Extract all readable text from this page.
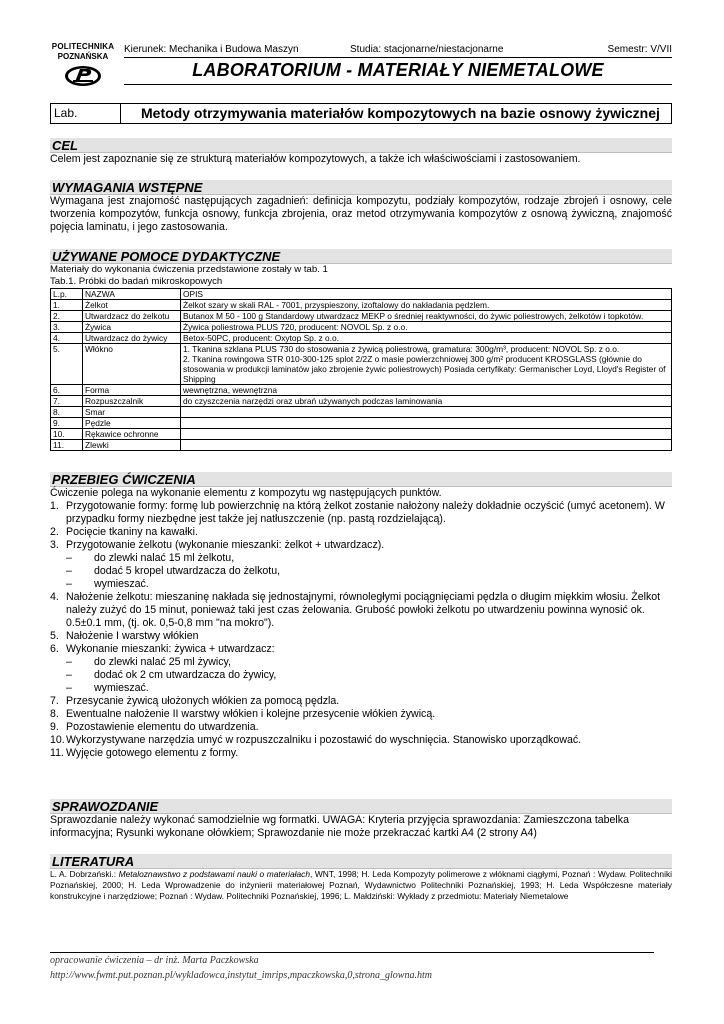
POLITECHNIKA
POZNAŃSKA
Kierunek: Mechanika i Budowa Maszyn	Studia: stacjonarne/niestacjonarne	Semestr: V/VII
LABORATORIUM - MATERIAŁY NIEMETALOWE
Lab.	Metody otrzymywania materiałów kompozytowych na bazie osnowy żywicznej
CEL
Celem jest zapoznanie się ze strukturą materiałów kompozytowych, a także ich właściwościami i zastosowaniem.
WYMAGANIA WSTĘPNE
Wymagana jest znajomość następujących zagadnień: definicja kompozytu, podziały kompozytów, rodzaje zbrojeń i osnowy, cele tworzenia kompozytów, funkcja osnowy, funkcja zbrojenia, oraz metod otrzymywania kompozytów z osnową żywiczną, znajomość pojęcia laminatu, i jego zastosowania.
UŻYWANE POMOCE DYDAKTYCZNE
Materiały do wykonania ćwiczenia przedstawione zostały w tab. 1
Tab.1. Próbki do badań mikroskopowych
L.p.	NAZWA	OPIS
1.	Żelkot	Żelkot szary w skali RAL - 7001, przyspieszony, izoftalowy do nakładania pędzlem.
2.	Utwardzacz do żelkotu	Butanox M 50 - 100 g Standardowy utwardzacz MEKP o średniej reaktywności, do żywic poliestrowych, żelkotów i topkotów.
3.	Żywica	Żywica poliestrowa PLUS 720, producent: NOVOL Sp. z o.o.
4.	Utwardzacz do żywicy	Betox-50PC, producent: Oxytop Sp. z o.o.
5.	Włókno	1. Tkanina szklana PLUS 730 do stosowania z żywicą poliestrową, gramatura: 300g/m³, producent: NOVOL Sp. z o.o.
2. Tkanina rowingowa STR 010-300-125 splot 2/2Z o masie powierzchniowej 300 g/m² producent KROSGLASS (głównie do stosowania w produkcji laminatów jako zbrojenie żywic poliestrowych) Posiada certyfikaty: Germanischer Loyd, Lloyd's Register of Shipping
6.	Forma	wewnętrzna, wewnętrzna
7.	Rozpuszczalnik	do czyszczenia narzędzi oraz ubrań używanych podczas laminowania
8.	Smar	
9.	Pędzle	
10.	Rękawice ochronne	
11.	Zlewki	
PRZEBIEG ĆWICZENIA
Ćwiczenie polega na wykonanie elementu z kompozytu wg następujących punktów.
1. Przygotowanie formy: formę lub powierzchnię na którą żelkot zostanie nałożony należy dokładnie oczyścić (umyć acetonem). W przypadku formy niezbędne jest także jej natłuszczenie (np. pastą rozdzielającą).
2. Pocięcie tkaniny na kawałki.
3. Przygotowanie żelkotu (wykonanie mieszanki: żelkot + utwardzacz).
–	do zlewki nalać 15 ml żelkotu,
–	dodać 5 kropel utwardzacza do żelkotu,
–	wymieszać.
4. Nałożenie żelkotu: mieszaninę nakłada się jednostajnymi, równoległymi pociągnięciami pędzla o długim miękkim włosiu. Żelkot należy zużyć do 15 minut, ponieważ taki jest czas żelowania. Grubość powłoki żelkotu po utwardzeniu powinna wynosić ok. 0.5±0.1 mm, (tj. ok. 0,5-0,8 mm "na mokro").
5. Nałożenie I warstwy włókien
6. Wykonanie mieszanki: żywica + utwardzacz:
–	do zlewki nalać 25 ml żywicy,
–	dodać ok 2 cm utwardzacza do żywicy,
–	wymieszać.
7. Przesycanie żywicą ułożonych włókien za pomocą pędzla.
8. Ewentualne nałożenie II warstwy włókien i kolejne przesycenie włókien żywicą.
9. Pozostawienie elementu do utwardzenia.
10. Wykorzystywane narzędzia umyć w rozpuszczalniku i pozostawić do wyschnięcia. Stanowisko uporządkować.
11. Wyjęcie gotowego elementu z formy.
SPRAWOZDANIE
Sprawozdanie należy wykonać samodzielnie wg formatki. UWAGA: Kryteria przyjęcia sprawozdania: Zamieszczona tabelka informacyjna; Rysunki wykonane ołówkiem; Sprawozdanie nie może przekraczać kartki A4 (2 strony A4)
LITERATURA
L. A. Dobrzański.: Metaloznawstwo z podstawami nauki o materiałach, WNT, 1998; H. Leda Kompozyty polimerowe z włóknami ciągłymi, Poznań : Wydaw. Politechniki Poznańskiej, 2000; H. Leda Wprowadzenie do inżynierii materiałowej Poznań, Wydawnictwo Politechniki Poznańskiej, 1993; H. Leda Współczesne materiały konstrukcyjne i narzędziowe; Poznań : Wydaw. Politechniki Poznańskiej, 1996; L. Małdziński: Wykłady z przedmiotu: Materiały Niemetalowe
opracowanie ćwiczenia – dr inż. Marta Paczkowska
http://www.fwmt.put.poznan.pl/wykladowca,instytut_imrips,mpaczkowska,0,strona_glowna.htm
